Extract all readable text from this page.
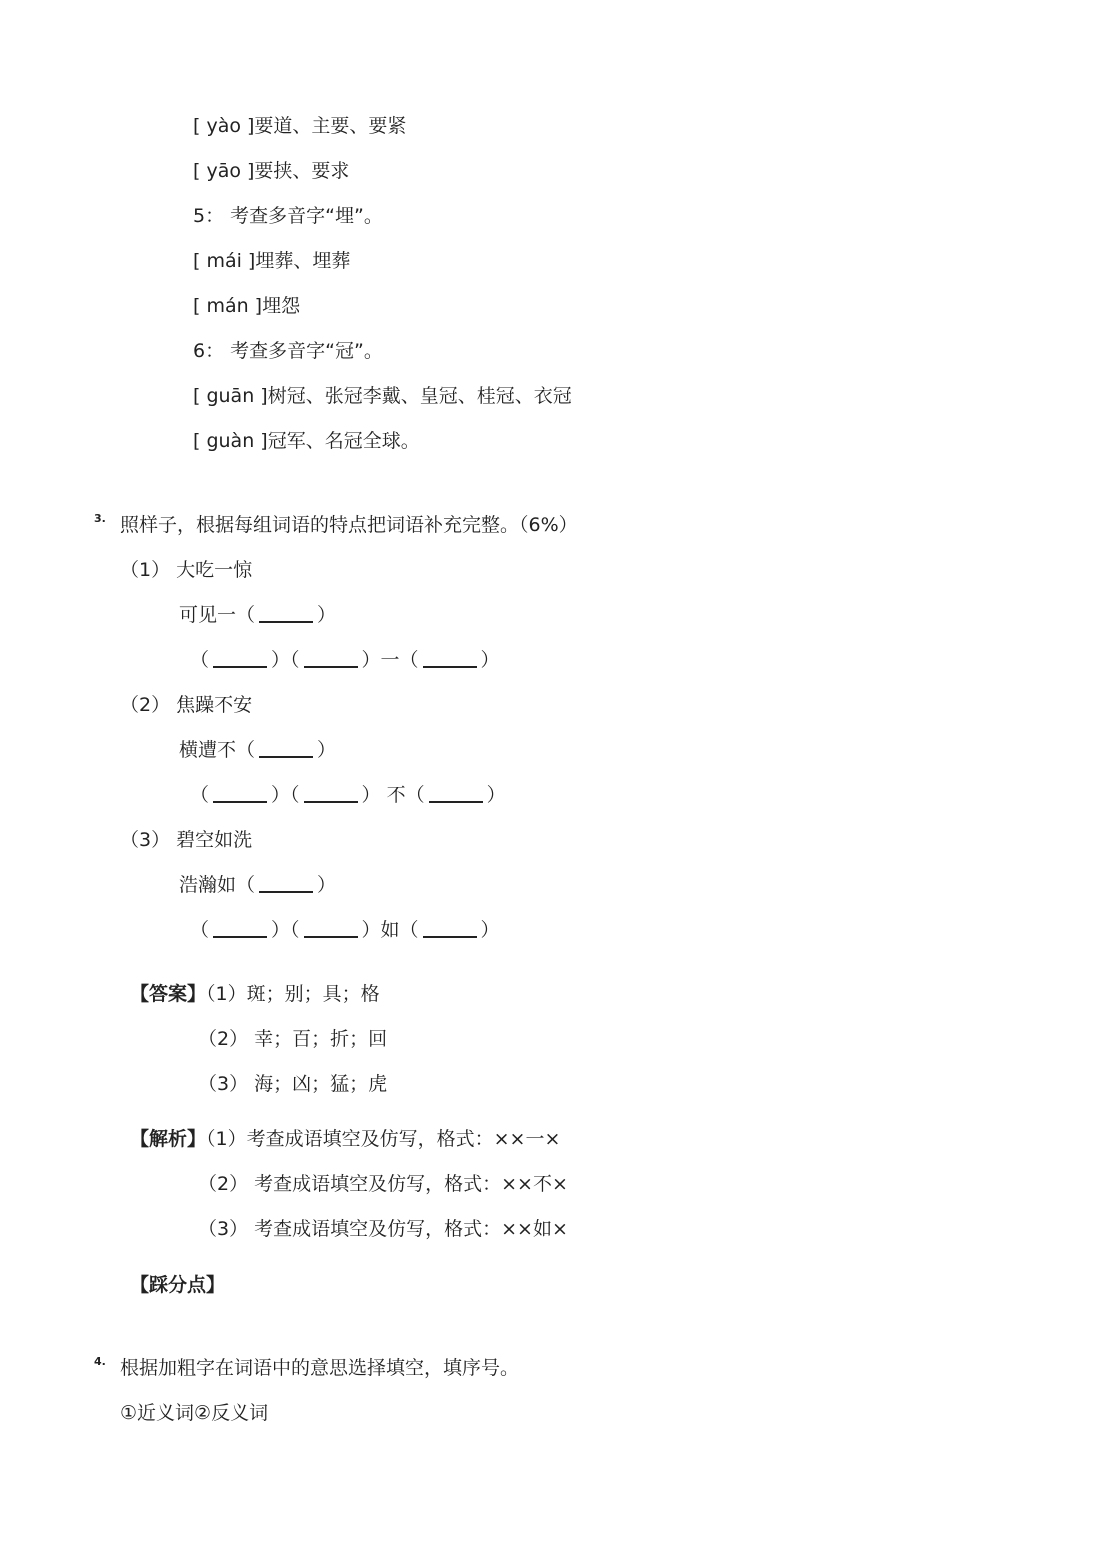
[ yào ]要道、主要、要紧
[ yāo ]要挟、要求
5： 考查多音字“埋”。
[ mái ]埋葬、埋葬
[ mán ]埋怨
6： 考查多音字“冠”。
[ guān ]树冠、张冠李戴、皇冠、桂冠、衣冠
[ guàn ]冠军、名冠全球。
3. 照样子，根据每组词语的特点把词语补充完整。（6%）
（1） 大吃一惊
可见一（	）
（	）（	）一（	）
（2） 焦躁不安
横遭不（	）
（	）（	） 不（	）
（3） 碧空如洗
浩瀚如（	）
（	）（	）如（	）
【答案】（1）斑；别；具；格
（2） 幸；百；折；回
（3） 海；凶；猛；虎
【解析】（1）考查成语填空及仿写，格式：××一×
（2） 考查成语填空及仿写，格式：××不×
（3） 考查成语填空及仿写，格式：××如×
【踩分点】
4. 根据加粗字在词语中的意思选择填空，填序号。
①近义词②反义词
